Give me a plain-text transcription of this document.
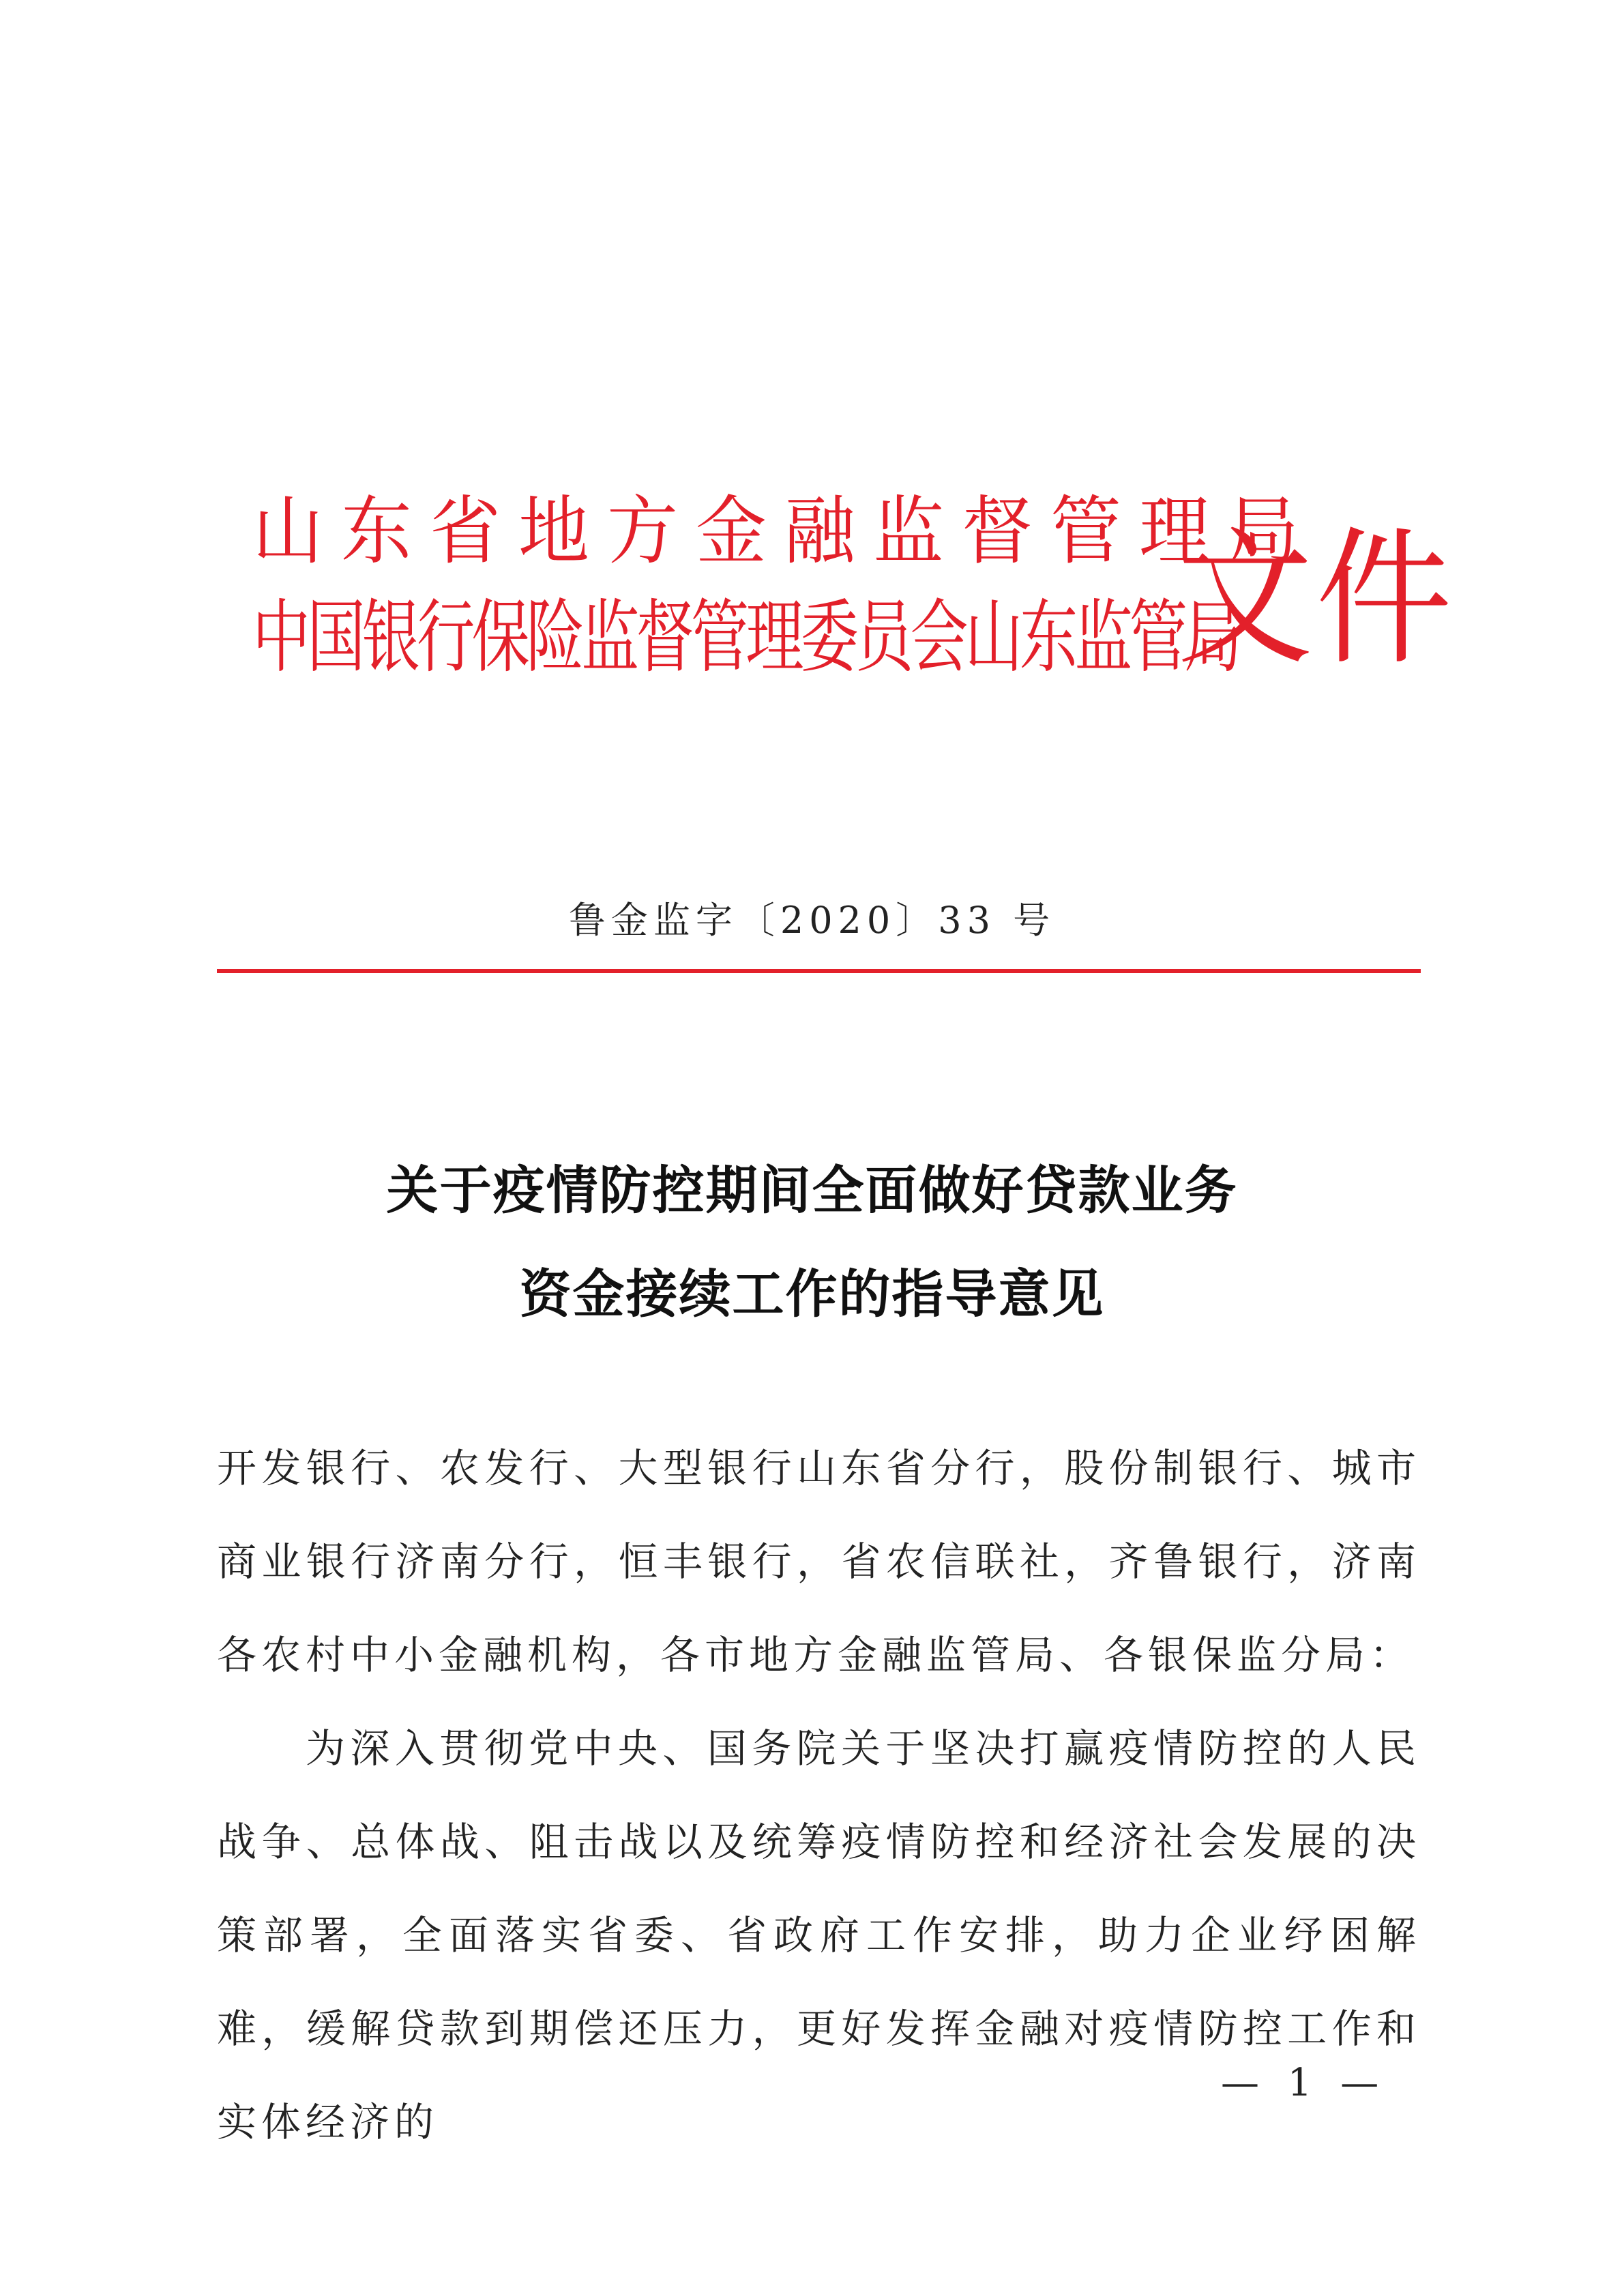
山东省地方金融监督管理局
中国银行保险监督管理委员会山东监管局
文件
鲁金监字〔2020〕33 号
关于疫情防控期间全面做好贷款业务
资金接续工作的指导意见

开发银行、农发行、大型银行山东省分行，股份制银行、城市商业银行济南分行，恒丰银行，省农信联社，齐鲁银行，济南各农村中小金融机构，各市地方金融监管局、各银保监分局：

为深入贯彻党中央、国务院关于坚决打赢疫情防控的人民战争、总体战、阻击战以及统筹疫情防控和经济社会发展的决策部署，全面落实省委、省政府工作安排，助力企业纾困解难，缓解贷款到期偿还压力，更好发挥金融对疫情防控工作和实体经济的

— 1 —
